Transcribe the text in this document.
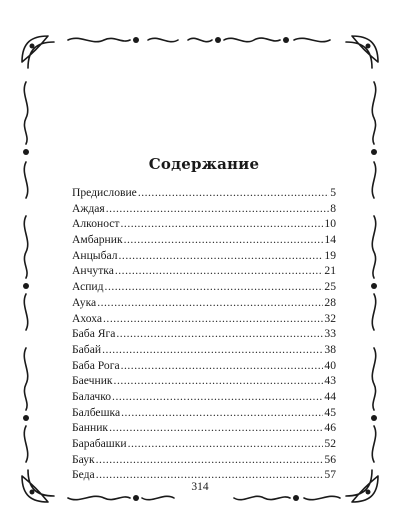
Содержание
Предисловие .....	5
Аждая .....	8
Алконост .....	10
Амбарник .....	14
Анцыбал .....	19
Анчутка .....	21
Аспид .....	25
Аука .....	28
Ахоха .....	32
Баба Яга .....	33
Бабай .....	38
Баба Рога .....	40
Баечник .....	43
Балачко .....	44
Балбешка .....	45
Банник .....	46
Барабашки .....	52
Баук .....	56
Беда .....	57
314
